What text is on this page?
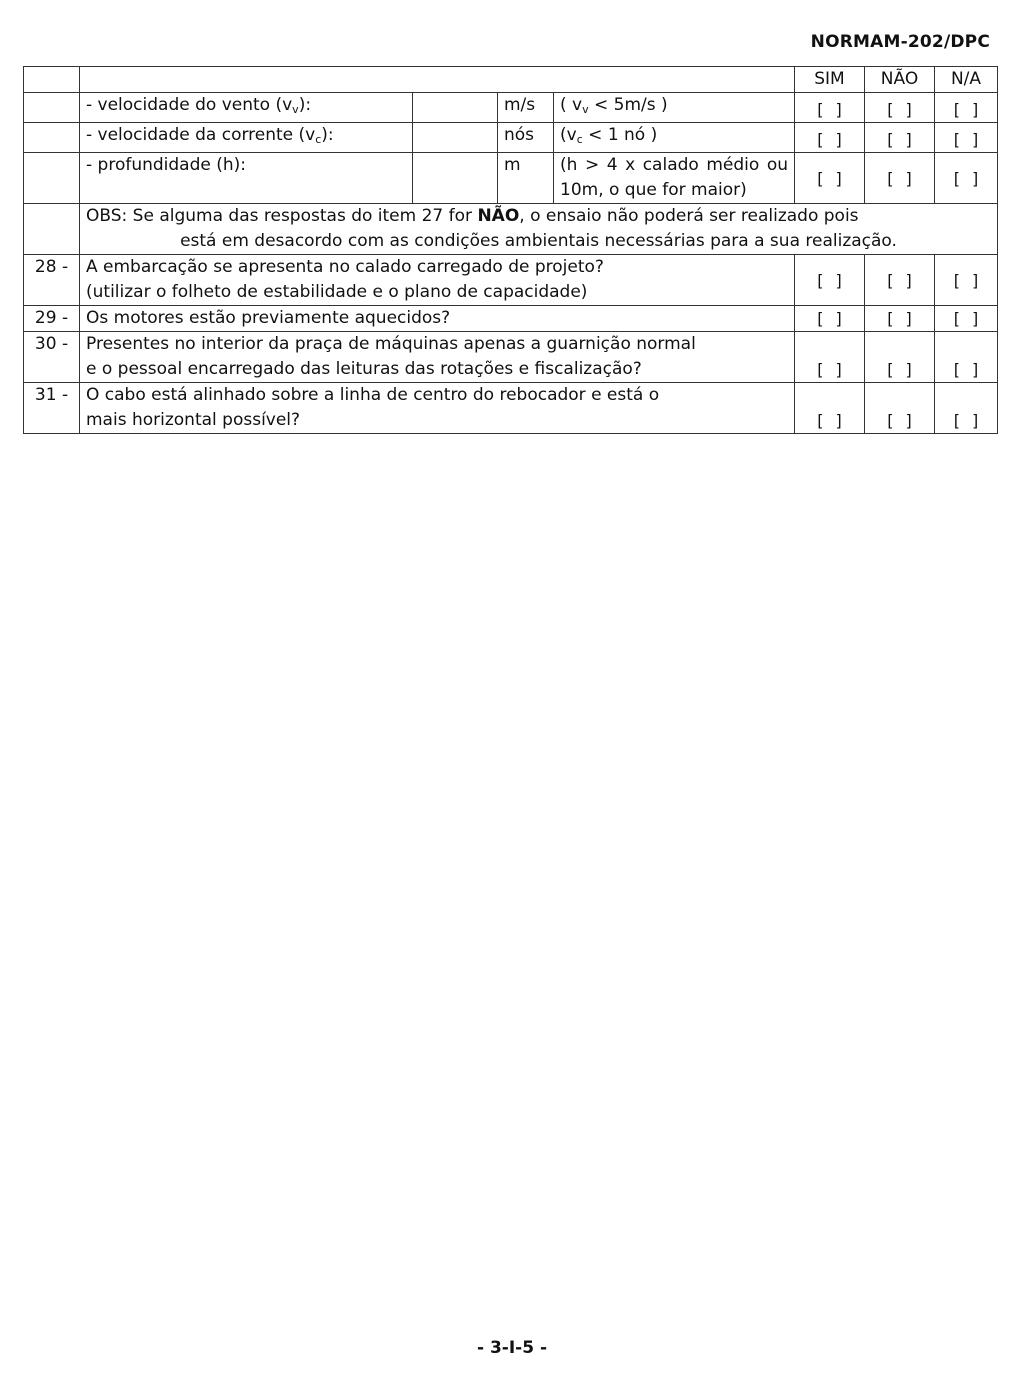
NORMAM-202/DPC
					SIM	NÃO	N/A
	- velocidade do vento $(v_v)$:		m/s	( $v_v < 5m/s$ )	[ ]	[ ]	[ ]
	- velocidade da corrente $(v_c)$:		nós	($v_c < 1$ nó )	[ ]	[ ]	[ ]
	- profundidade (h):		m	(h > 4 x calado médio ou 10m, o que for maior)	[ ]	[ ]	[ ]
	OBS: Se alguma das respostas do item 27 for NÃO, o ensaio não poderá ser realizado pois
está em desacordo com as condições ambientais necessárias para a sua realização.						

28 -	A embarcação se apresenta no calado carregado de projeto?
(utilizar o folheto de estabilidade e o plano de capacidade)				[ ]	[ ]	[ ]
29 -	Os motores estão previamente aquecidos?				[ ]	[ ]	[ ]
30 -	Presentes no interior da praça de máquinas apenas a guarnição normal
e o pessoal encarregado das leituras das rotações e fiscalização?				[ ]	[ ]	[ ]
31 -	O cabo está alinhado sobre a linha de centro do rebocador e está o
mais horizontal possível?				[ ]	[ ]	[ ]
- 3-I-5 -
